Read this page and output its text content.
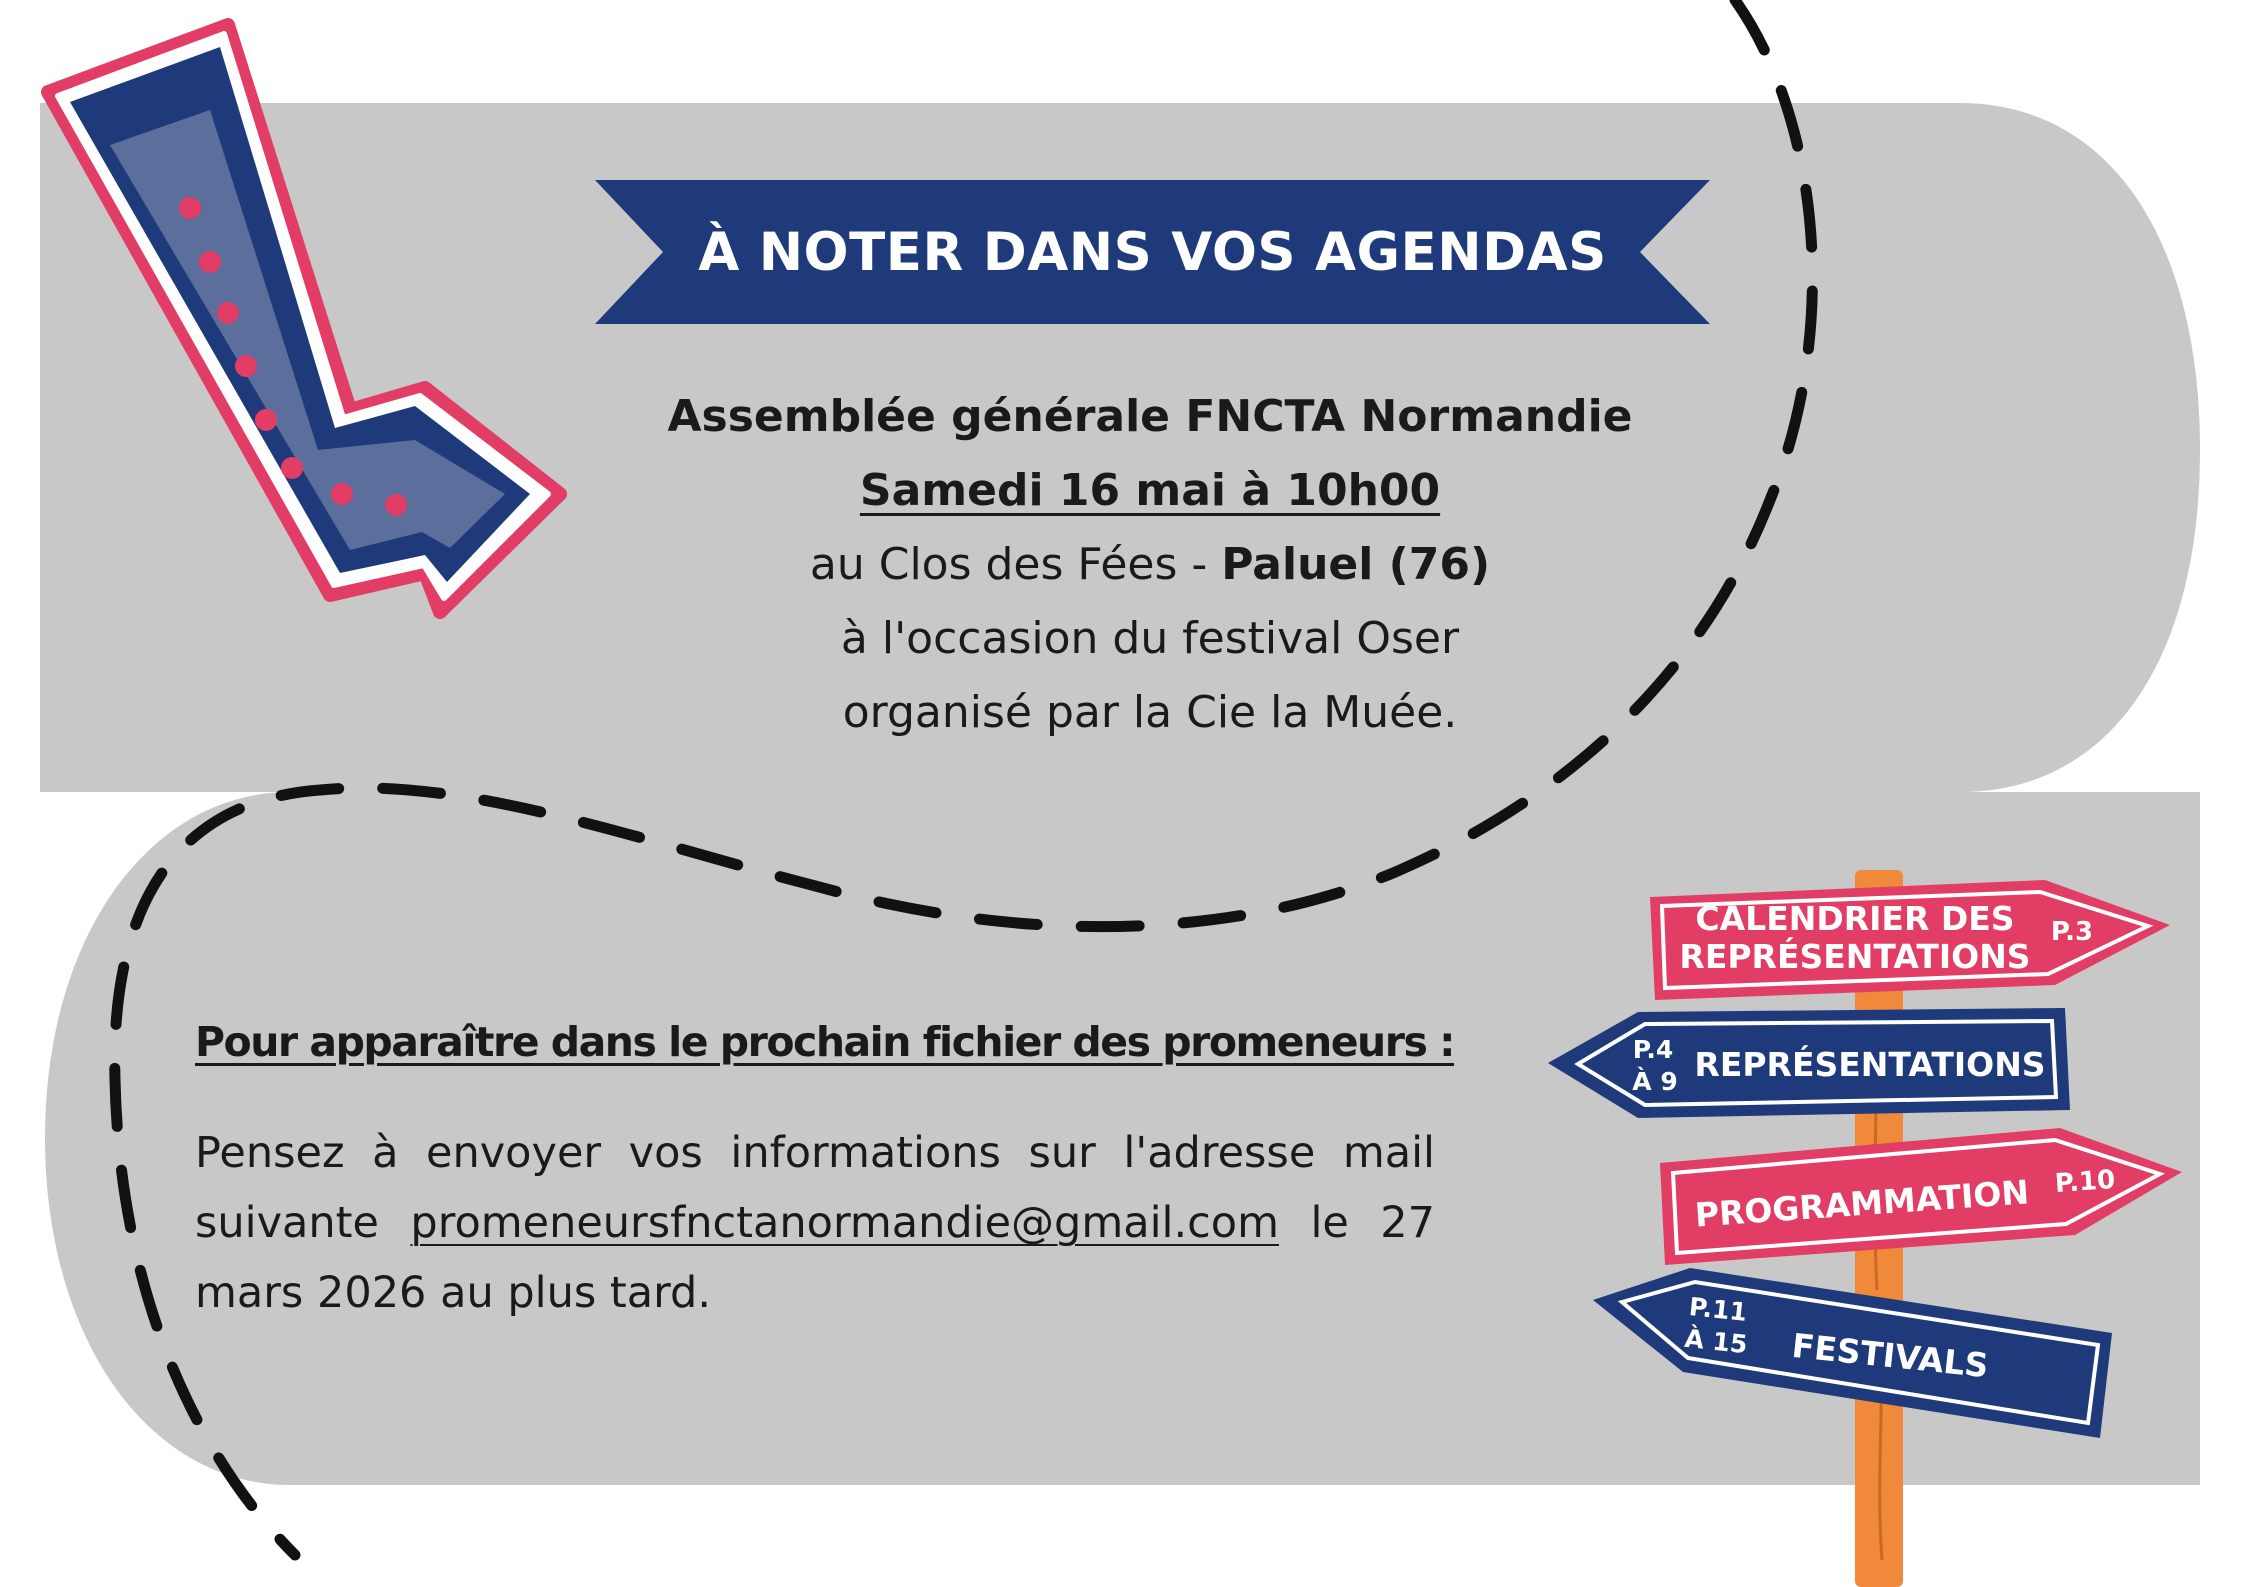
CALENDRIER DES
REPRÉSENTATIONS
P.3
REPRÉSENTATIONS
P.4
À 9
PROGRAMMATION P.10
FESTIVALS
P.11
À 15
À NOTER DANS VOS AGENDAS
Assemblée générale FNCTA Normandie
Samedi 16 mai à 10h00
au Clos des Fées - Paluel (76)
à l'occasion du festival Oser
organisé par la Cie la Muée.
Pour apparaître dans le prochain fichier des promeneurs :
Pensez à envoyer vos informations sur l'adresse mail suivante promeneursfnctanormandie@gmail.com le 27 mars 2026 au plus tard.
